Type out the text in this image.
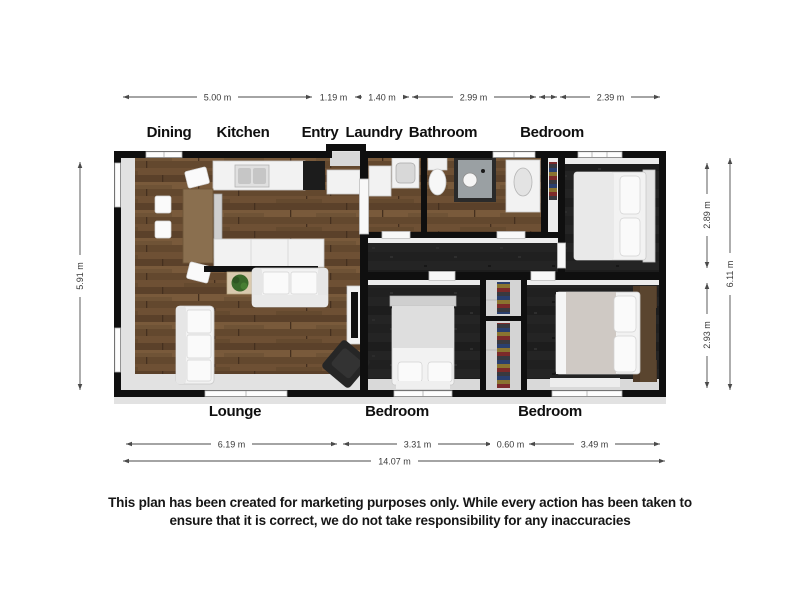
Dining Kitchen Entry Laundry Bathroom	Bedroom
Lounge	Bedroom	Bedroom
5.00 m	1.19 m 1.40 m	2.99 m	2.39 m
6.19 m	3.31 m	0.60 m	3.49 m
14.07 m
5.91 m
2.89 m
2.93 m
6.11 m
This plan has been created for marketing purposes only. While every action has been taken to
ensure that it is correct, we do not take responsibility for any inaccuracies
